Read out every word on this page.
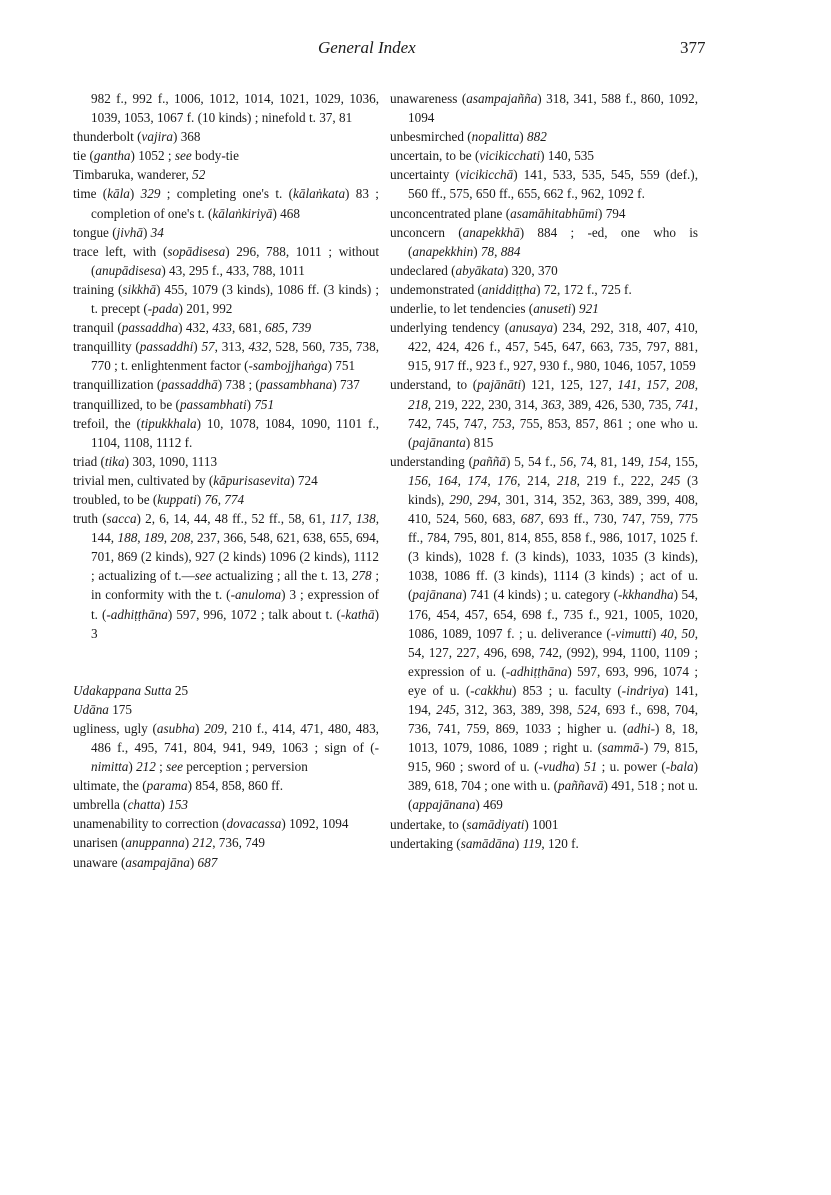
General Index	377

982 f., 992 f., 1006, 1012, 1014, 1021, 1029, 1036, 1039, 1053, 1067 f. (10 kinds) ; ninefold t. 37, 81

thunderbolt (vajira) 368

tie (gantha) 1052 ; see body-tie

Timbaruka, wanderer, 52

time (kāla) 329 ; completing one's t. (kālaṅkata) 83 ; completion of one's t. (kālaṅkiriyā) 468

tongue (jivhā) 34

trace left, with (sopādisesa) 296, 788, 1011 ; without (anupādisesa) 43, 295 f., 433, 788, 1011

training (sikkhā) 455, 1079 (3 kinds), 1086 ff. (3 kinds) ; t. precept (-pada) 201, 992

tranquil (passaddha) 432, 433, 681, 685, 739

tranquillity (passaddhi) 57, 313, 432, 528, 560, 735, 738, 770 ; t. enlightenment factor (-sambojjhaṅga) 751

tranquillization (passaddhā) 738 ; (passambhana) 737

tranquillized, to be (passambhati) 751

trefoil, the (tipukkhala) 10, 1078, 1084, 1090, 1101 f., 1104, 1108, 1112 f.

triad (tika) 303, 1090, 1113

trivial men, cultivated by (kāpurisasevita) 724

troubled, to be (kuppati) 76, 774

truth (sacca) 2, 6, 14, 44, 48 ff., 52 ff., 58, 61, 117, 138, 144, 188, 189, 208, 237, 366, 548, 621, 638, 655, 694, 701, 869 (2 kinds), 927 (2 kinds) 1096 (2 kinds), 1112 ; actualizing of t.—see actualizing ; all the t. 13, 278 ; in conformity with the t. (-anuloma) 3 ; expression of t. (-adhiṭṭhāna) 597, 996, 1072 ; talk about t. (-kathā) 3

Udakappana Sutta 25

Udāna 175

ugliness, ugly (asubha) 209, 210 f., 414, 471, 480, 483, 486 f., 495, 741, 804, 941, 949, 1063 ; sign of (-nimitta) 212 ; see perception ; perversion

ultimate, the (parama) 854, 858, 860 ff.

umbrella (chatta) 153

unamenability to correction (dovacassa) 1092, 1094

unarisen (anuppanna) 212, 736, 749

unaware (asampajāna) 687

unawareness (asampajañña) 318, 341, 588 f., 860, 1092, 1094

unbesmirched (nopalitta) 882

uncertain, to be (vicikicchati) 140, 535

uncertainty (vicikicchā) 141, 533, 535, 545, 559 (def.), 560 ff., 575, 650 ff., 655, 662 f., 962, 1092 f.

unconcentrated plane (asamāhitabhūmi) 794

unconcern (anapekkhā) 884 ; -ed, one who is (anapekkhin) 78, 884

undeclared (abyākata) 320, 370

undemonstrated (aniddiṭṭha) 72, 172 f., 725 f.

underlie, to let tendencies (anuseti) 921

underlying tendency (anusaya) 234, 292, 318, 407, 410, 422, 424, 426 f., 457, 545, 647, 663, 735, 797, 881, 915, 917 ff., 923 f., 927, 930 f., 980, 1046, 1057, 1059

understand, to (pajānāti) 121, 125, 127, 141, 157, 208, 218, 219, 222, 230, 314, 363, 389, 426, 530, 735, 741, 742, 745, 747, 753, 755, 853, 857, 861 ; one who u. (pajānanta) 815

understanding (paññā) 5, 54 f., 56, 74, 81, 149, 154, 155, 156, 164, 174, 176, 214, 218, 219 f., 222, 245 (3 kinds), 290, 294, 301, 314, 352, 363, 389, 399, 408, 410, 524, 560, 683, 687, 693 ff., 730, 747, 759, 775 ff., 784, 795, 801, 814, 855, 858 f., 986, 1017, 1025 f. (3 kinds), 1028 f. (3 kinds), 1033, 1035 (3 kinds), 1038, 1086 ff. (3 kinds), 1114 (3 kinds) ; act of u. (pajānana) 741 (4 kinds) ; u. category (-kkhandha) 54, 176, 454, 457, 654, 698 f., 735 f., 921, 1005, 1020, 1086, 1089, 1097 f. ; u. deliverance (-vimutti) 40, 50, 54, 127, 227, 496, 698, 742, (992), 994, 1100, 1109 ; expression of u. (-adhiṭṭhāna) 597, 693, 996, 1074 ; eye of u. (-cakkhu) 853 ; u. faculty (-indriya) 141, 194, 245, 312, 363, 389, 398, 524, 693 f., 698, 704, 736, 741, 759, 869, 1033 ; higher u. (adhi-) 8, 18, 1013, 1079, 1086, 1089 ; right u. (sammā-) 79, 815, 915, 960 ; sword of u. (-vudha) 51 ; u. power (-bala) 389, 618, 704 ; one with u. (paññavā) 491, 518 ; not u. (appajānana) 469

undertake, to (samādiyati) 1001

undertaking (samādāna) 119, 120 f.
